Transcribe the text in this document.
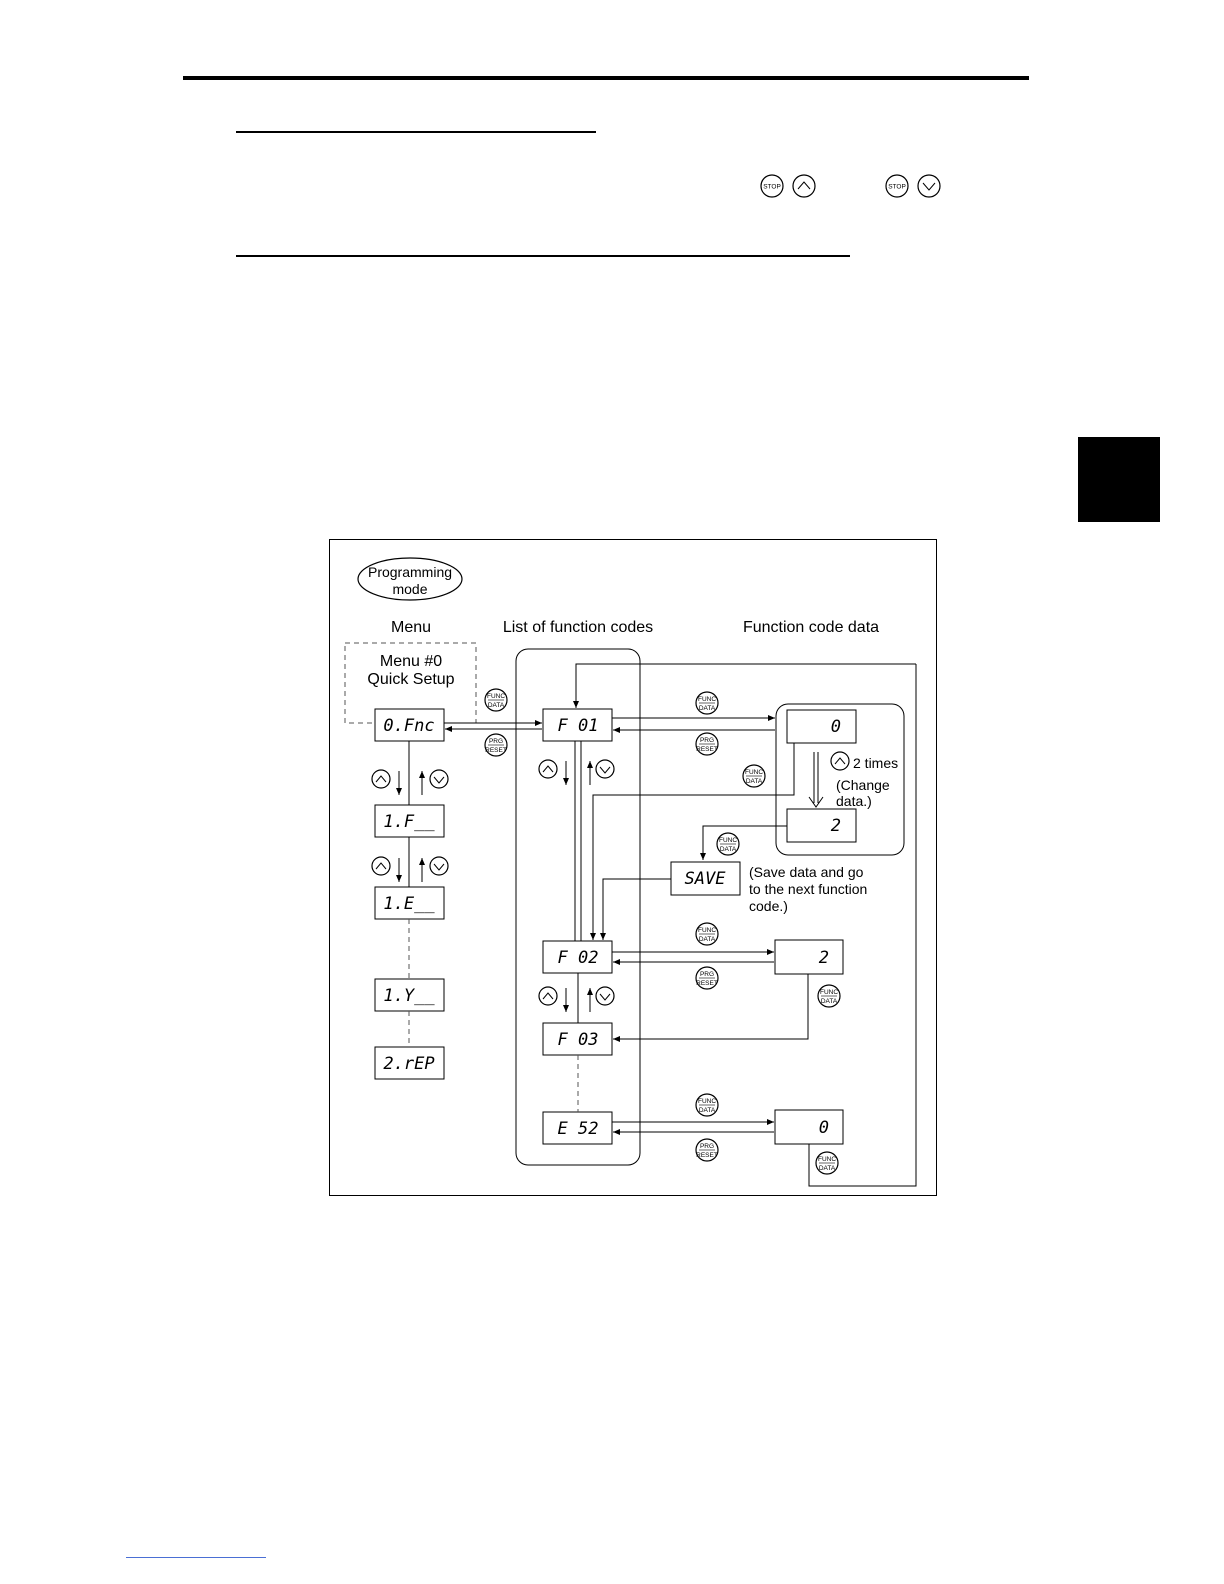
STOP	STOP
Programming
mode
Menu	List of function codes	Function code data
Menu #0
Quick Setup
0.Fnc
1.F__
1.E__
1.Y__
2.rEP
F 01
F 02
F 03
E 52
FUNC
DATA
PRG
RESET
0
2
2
0
FUNC
DATA
PRG
RESET
2 times
(Change
data.)
FUNC
DATA
FUNC
DATA
SAVE (Save data and go
to the next function
code.)
FUNC
DATA
PRG
RESET
FUNC
DATA
FUNC
DATA
PRG
RESET
FUNC
DATA
